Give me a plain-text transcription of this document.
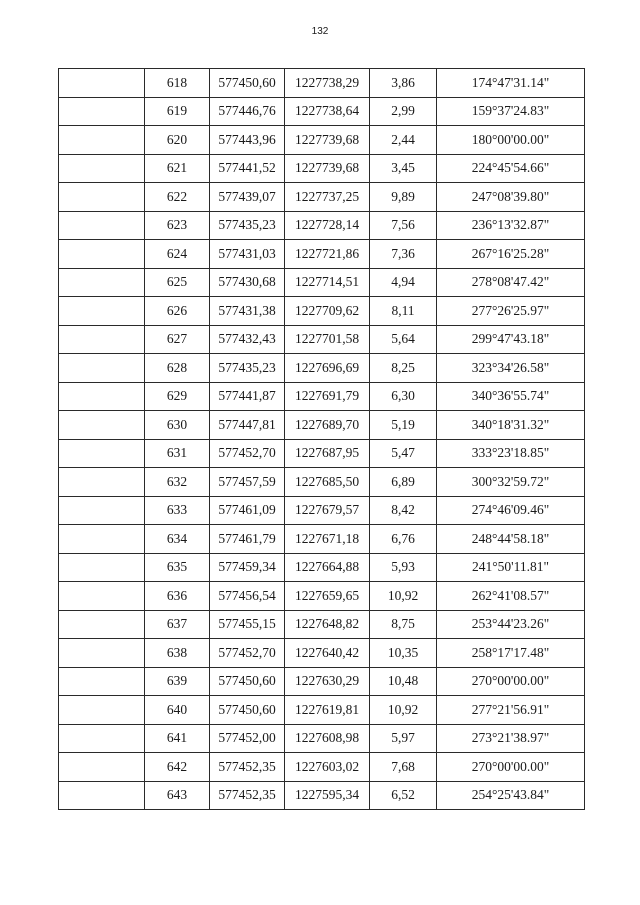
132
	618	577450,60	1227738,29	3,86	174°47'31.14"
	619	577446,76	1227738,64	2,99	159°37'24.83"
	620	577443,96	1227739,68	2,44	180°00'00.00"
	621	577441,52	1227739,68	3,45	224°45'54.66"
	622	577439,07	1227737,25	9,89	247°08'39.80"
	623	577435,23	1227728,14	7,56	236°13'32.87"
	624	577431,03	1227721,86	7,36	267°16'25.28"
	625	577430,68	1227714,51	4,94	278°08'47.42"
	626	577431,38	1227709,62	8,11	277°26'25.97"
	627	577432,43	1227701,58	5,64	299°47'43.18"
	628	577435,23	1227696,69	8,25	323°34'26.58"
	629	577441,87	1227691,79	6,30	340°36'55.74"
	630	577447,81	1227689,70	5,19	340°18'31.32"
	631	577452,70	1227687,95	5,47	333°23'18.85"
	632	577457,59	1227685,50	6,89	300°32'59.72"
	633	577461,09	1227679,57	8,42	274°46'09.46"
	634	577461,79	1227671,18	6,76	248°44'58.18"
	635	577459,34	1227664,88	5,93	241°50'11.81"
	636	577456,54	1227659,65	10,92	262°41'08.57"
	637	577455,15	1227648,82	8,75	253°44'23.26"
	638	577452,70	1227640,42	10,35	258°17'17.48"
	639	577450,60	1227630,29	10,48	270°00'00.00"
	640	577450,60	1227619,81	10,92	277°21'56.91"
	641	577452,00	1227608,98	5,97	273°21'38.97"
	642	577452,35	1227603,02	7,68	270°00'00.00"
	643	577452,35	1227595,34	6,52	254°25'43.84"
